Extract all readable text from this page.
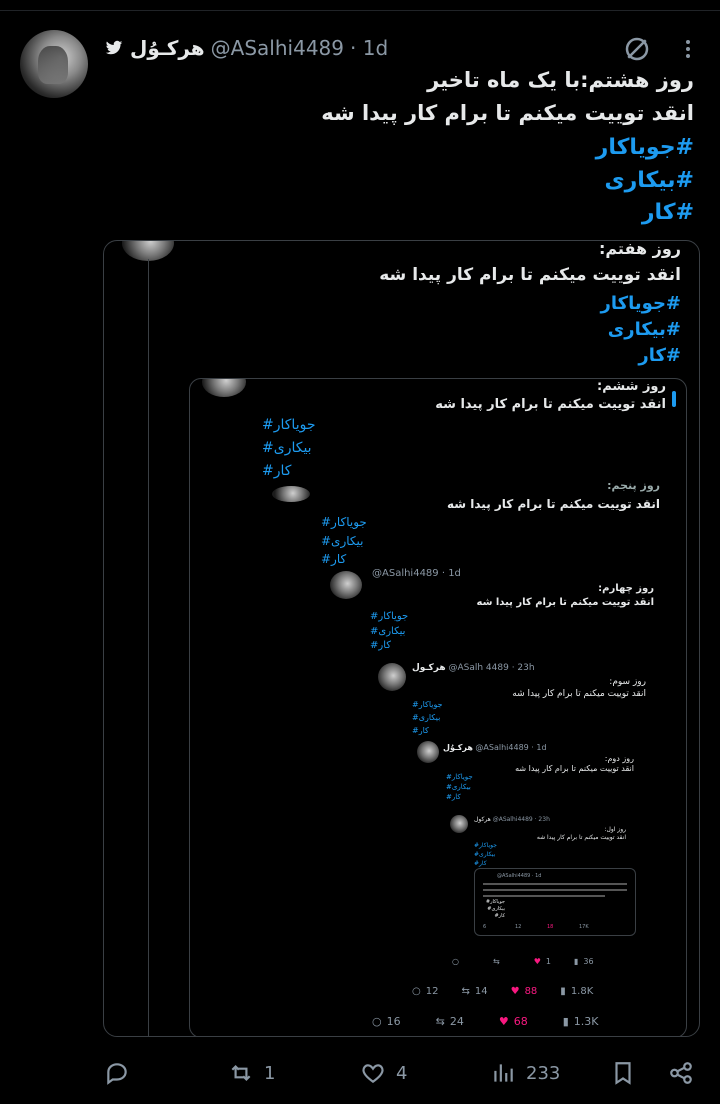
هرکـوُل @ASalhi4489 · 1d
روز هشتم:با یک ماه تاخیر
انقد توییت میکنم تا برام کار پیدا شه
#جویاکار
#بیکاری
#کار
روز هفتم:
انقد توییت میکنم تا برام کار پیدا شه
#جویاکار
#بیکاری
#کار
روز ششم:
انقد توییت میکنم تا برام کار پیدا شه
جویاکار#
بیکاری#
کار#
روز پنجم:
انقد توییت میکنم تا برام کار پیدا شه
جویاکار#
بیکاری#
کار#
@ASalhi4489 · 1d
روز چهارم:
انقد توییت میکنم تا برام کار پیدا شه
جویاکار#
بیکاری#
کار#
هرکـول @ASalh 4489 · 23h
روز سوم:
انقد توییت میکنم تا برام کار پیدا شه
جویاکار#
بیکاری#
کار#
هرکـوُل @ASalhi4489 · 1d
روز دوم:
انقد توییت میکنم تا برام کار پیدا شه
جویاکار#
بیکاری#
کار#
هرکول @ASalhi4489 · 23h
روز اول:
انقد توییت میکنم تا برام کار پیدا شه
جویاکار#
بیکاری#
کار#
@ASalhi4489 · 1d
جویاکار#
بیکاری#
کار#
6	12	18	17K
○	⇆	♥ 1	▮ 36
○ 12 ⇆ 14 ♥ 88 ▮ 1.8K
○ 16	⇆ 24	♥ 68	▮ 1.3K
1	4	233
